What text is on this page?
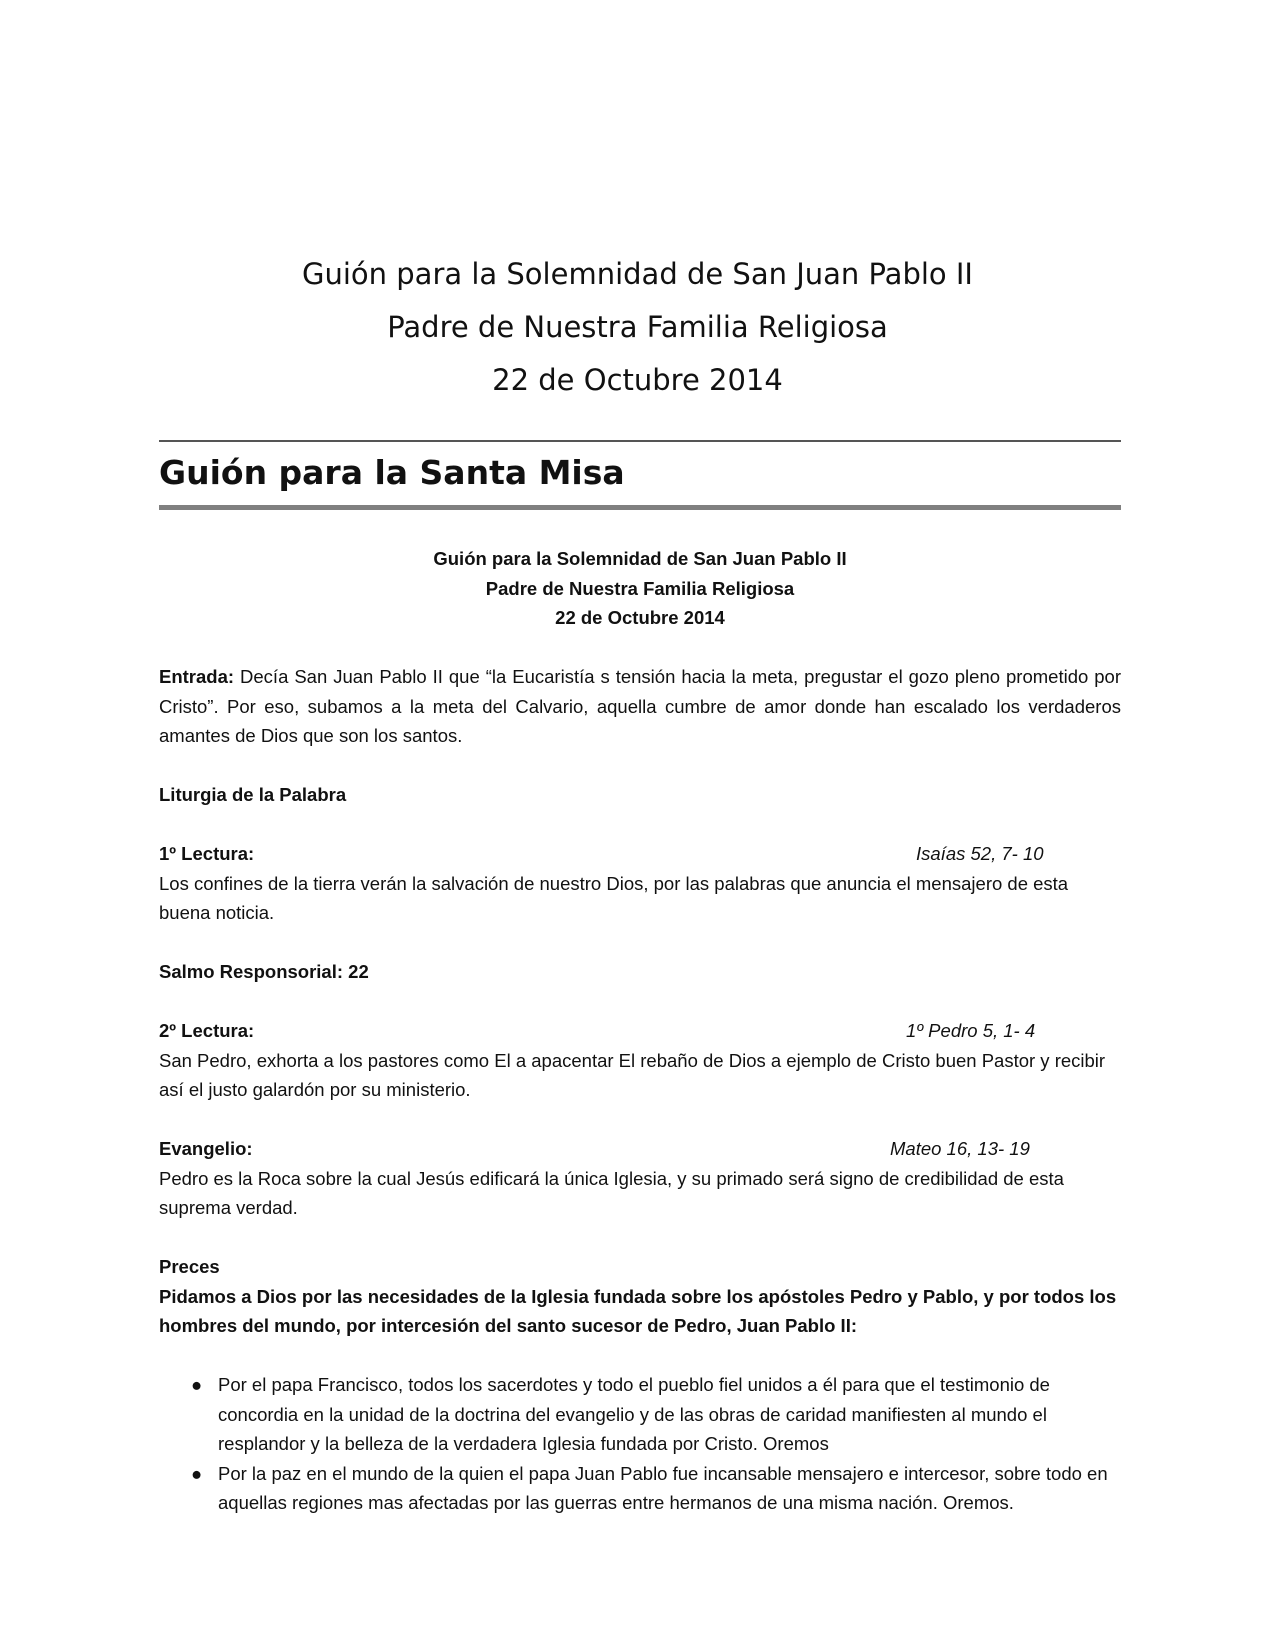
Guión para la Solemnidad de San Juan Pablo II
Padre de Nuestra Familia Religiosa
22 de Octubre 2014
Guión para la Santa Misa
Guión para la Solemnidad de San Juan Pablo II
Padre de Nuestra Familia Religiosa
22 de Octubre 2014

Entrada: Decía San Juan Pablo II que “la Eucaristía s tensión hacia la meta, pregustar el gozo pleno prometido por Cristo”. Por eso, subamos a la meta del Calvario, aquella cumbre de amor donde han escalado los verdaderos amantes de Dios que son los santos.

Liturgia de la Palabra

1º Lectura:	Isaías 52, 7- 10

Los confines de la tierra verán la salvación de nuestro Dios, por las palabras que anuncia el mensajero de esta buena noticia.

Salmo Responsorial: 22

2º Lectura:	1º Pedro 5, 1- 4

San Pedro, exhorta a los pastores como El a apacentar El rebaño de Dios a ejemplo de Cristo buen Pastor y recibir así el justo galardón por su ministerio.

Evangelio:	Mateo 16, 13- 19

Pedro es la Roca sobre la cual Jesús edificará la única Iglesia, y su primado será signo de credibilidad de esta suprema verdad.

Preces

Pidamos a Dios por las necesidades de la Iglesia fundada sobre los apóstoles Pedro y Pablo, y por todos los hombres del mundo, por intercesión del santo sucesor de Pedro, Juan Pablo II:

● Por el papa Francisco, todos los sacerdotes y todo el pueblo fiel unidos a él para que el testimonio de concordia en la unidad de la doctrina del evangelio y de las obras de caridad manifiesten al mundo el resplandor y la belleza de la verdadera Iglesia fundada por Cristo. Oremos
● Por la paz en el mundo de la quien el papa Juan Pablo fue incansable mensajero e intercesor, sobre todo en aquellas regiones mas afectadas por las guerras entre hermanos de una misma nación. Oremos.
